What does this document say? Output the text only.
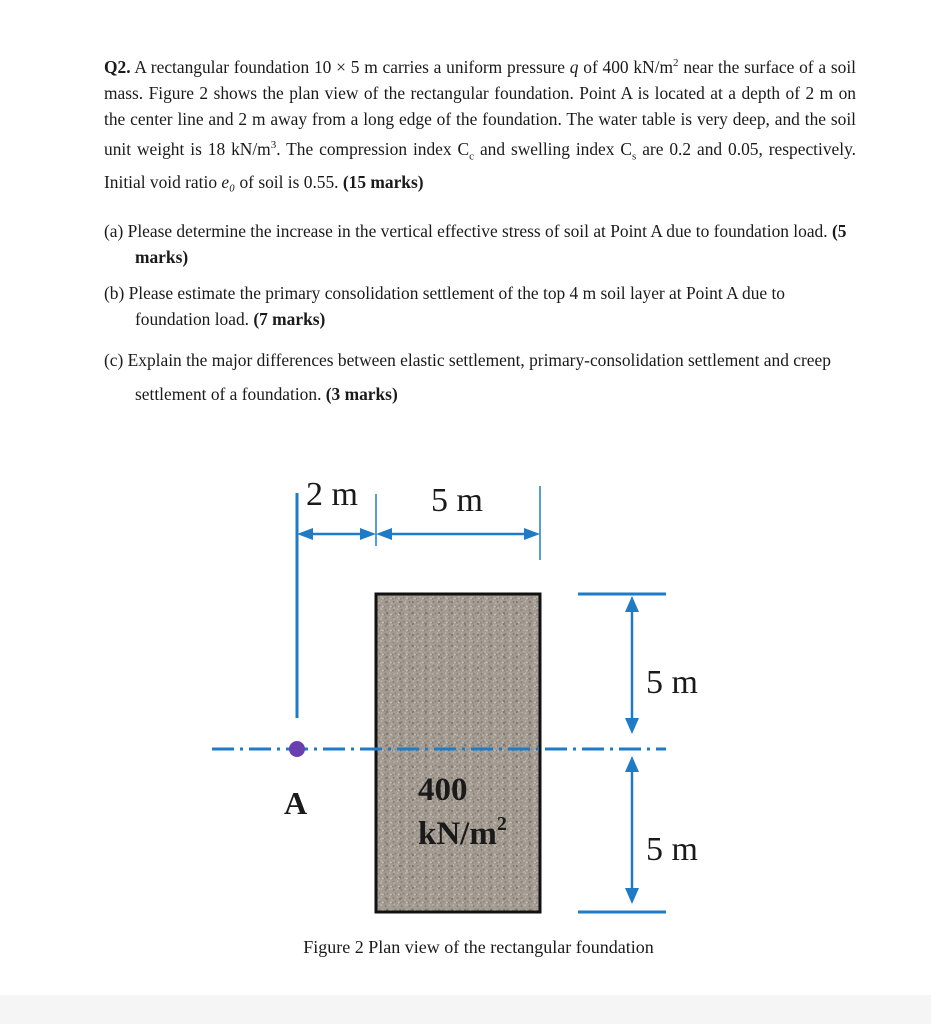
Q2. A rectangular foundation 10 × 5 m carries a uniform pressure q of 400 $kN/m^2$ near the surface of a soil mass. Figure 2 shows the plan view of the rectangular foundation. Point A is located at a depth of 2 m on the center line and 2 m away from a long edge of the foundation. The water table is very deep, and the soil unit weight is 18 $kN/m^3$. The compression index $C_c$ and swelling index $C_s$ are 0.2 and 0.05, respectively. Initial void ratio e₀ of soil is 0.55. (15 marks)

(a) Please determine the increase in the vertical effective stress of soil at Point A due to foundation load. (5 marks)
(b) Please estimate the primary consolidation settlement of the top 4 m soil layer at Point A due to foundation load. (7 marks)
(c) Explain the major differences between elastic settlement, primary-consolidation settlement and creep settlement of a foundation. (3 marks)
2 m 5 m
5 m
5 m
A	400
$kN/m^2$
Figure 2 Plan view of the rectangular foundation
